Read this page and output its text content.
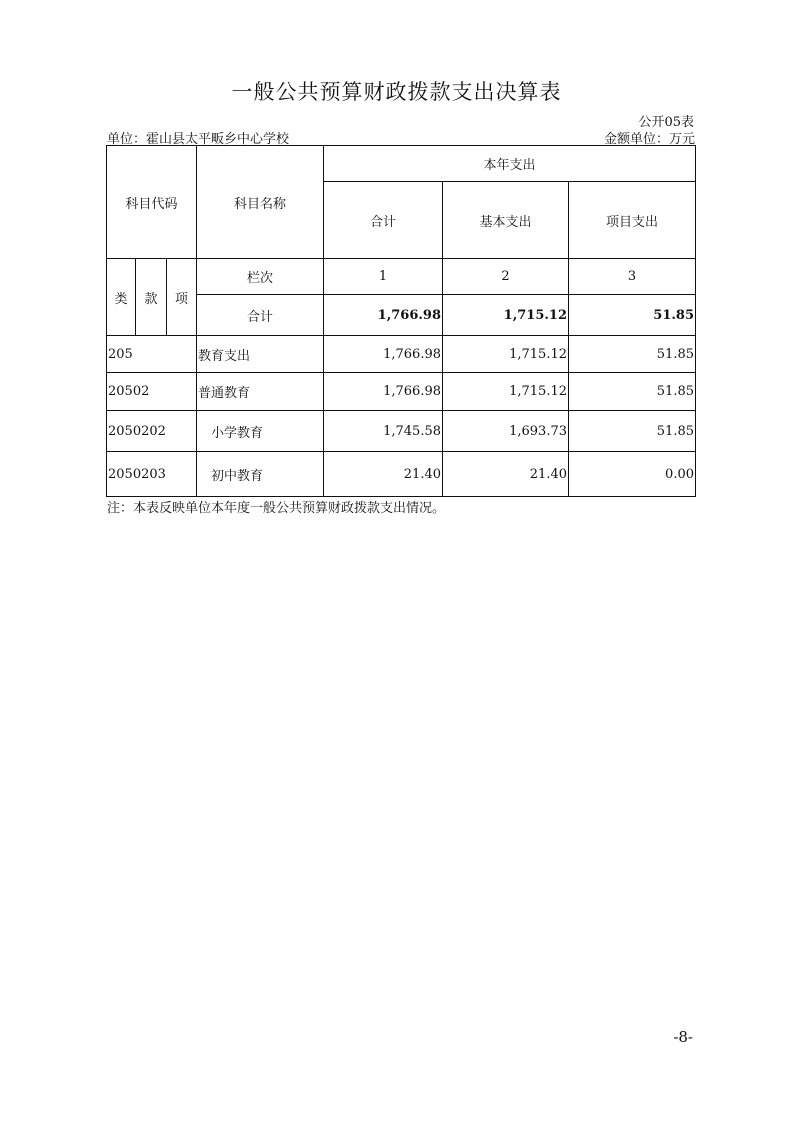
一般公共预算财政拨款支出决算表
公开05表
单位：霍山县太平畈乡中心学校	金额单位：万元
科目代码			科目名称	本年支出		
				合计	基本支出	项目支出
类	款	项	栏次	1	2	3
			合计	1,766.98	1,715.12	51.85
205			教育支出	1,766.98	1,715.12	51.85
20502			普通教育	1,766.98	1,715.12	51.85
2050202			小学教育	1,745.58	1,693.73	51.85
2050203			初中教育	21.40	21.40	0.00
注：本表反映单位本年度一般公共预算财政拨款支出情况。
-8-
